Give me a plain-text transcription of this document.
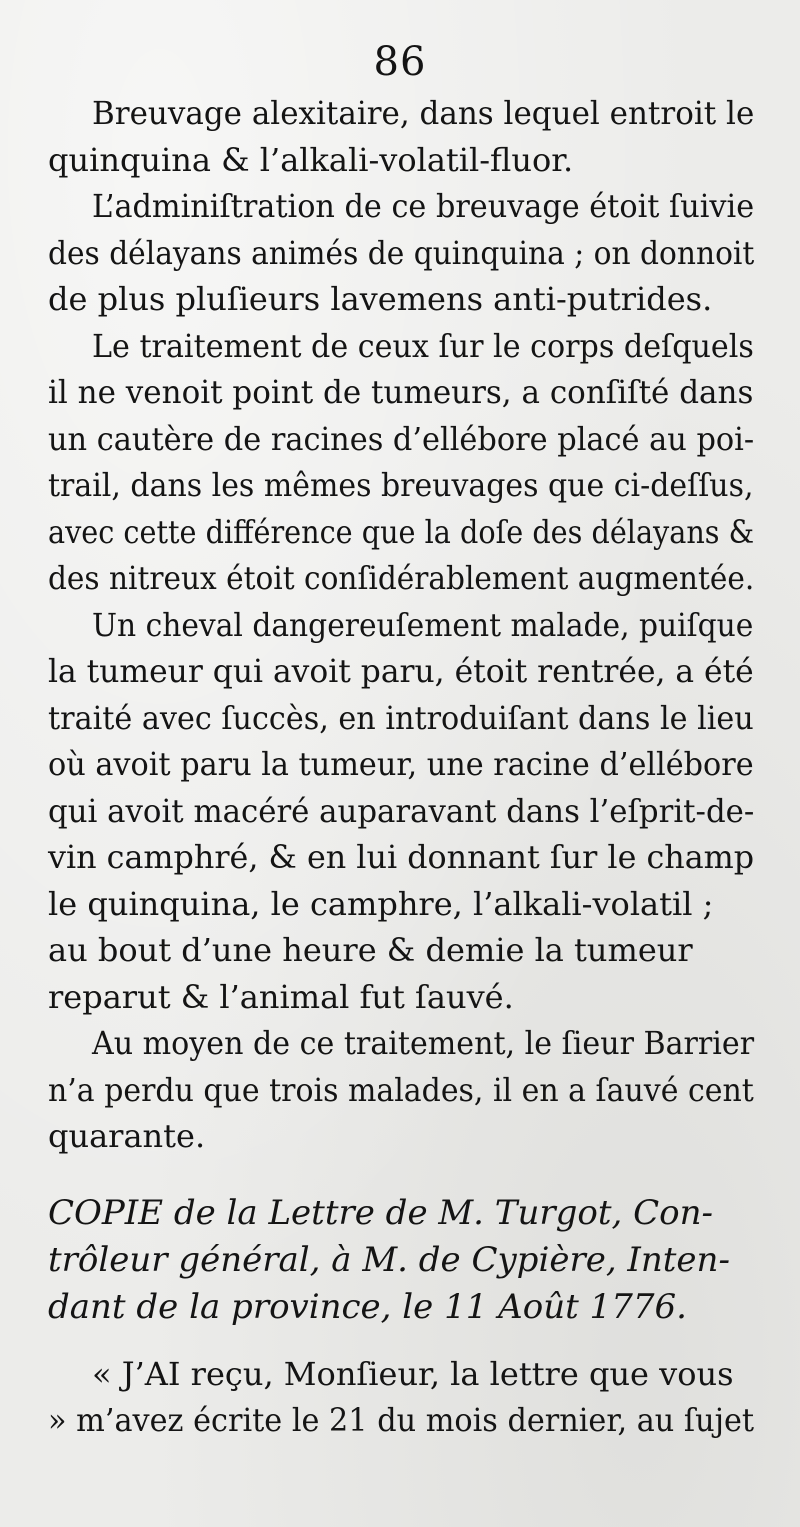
86
Breuvage alexitaire, dans lequel entroit le
quinquina & l’alkali-volatil-fluor.
L’adminiſtration de ce breuvage étoit ſuivie
des délayans animés de quinquina ; on donnoit
de plus pluſieurs lavemens anti-putrides.
Le traitement de ceux ſur le corps deſquels
il ne venoit point de tumeurs, a conſiſté dans
un cautère de racines d’ellébore placé au poi-
trail, dans les mêmes breuvages que ci-deſſus,
avec cette différence que la doſe des délayans &
des nitreux étoit conſidérablement augmentée.
Un cheval dangereuſement malade, puiſque
la tumeur qui avoit paru, étoit rentrée, a été
traité avec ſuccès, en introduiſant dans le lieu
où avoit paru la tumeur, une racine d’ellébore
qui avoit macéré auparavant dans l’eſprit-de-
vin camphré, & en lui donnant ſur le champ
le quinquina, le camphre, l’alkali-volatil ;
au bout d’une heure & demie la tumeur
reparut & l’animal fut ſauvé.
Au moyen de ce traitement, le ſieur Barrier
n’a perdu que trois malades, il en a ſauvé cent
quarante.
COPIE de la Lettre de M. Turgot, Con-
trôleur général, à M. de Cypière, Inten-
dant de la province, le 11 Août 1776.
« J’AI reçu, Monſieur, la lettre que vous
» m’avez écrite le 21 du mois dernier, au ſujet
